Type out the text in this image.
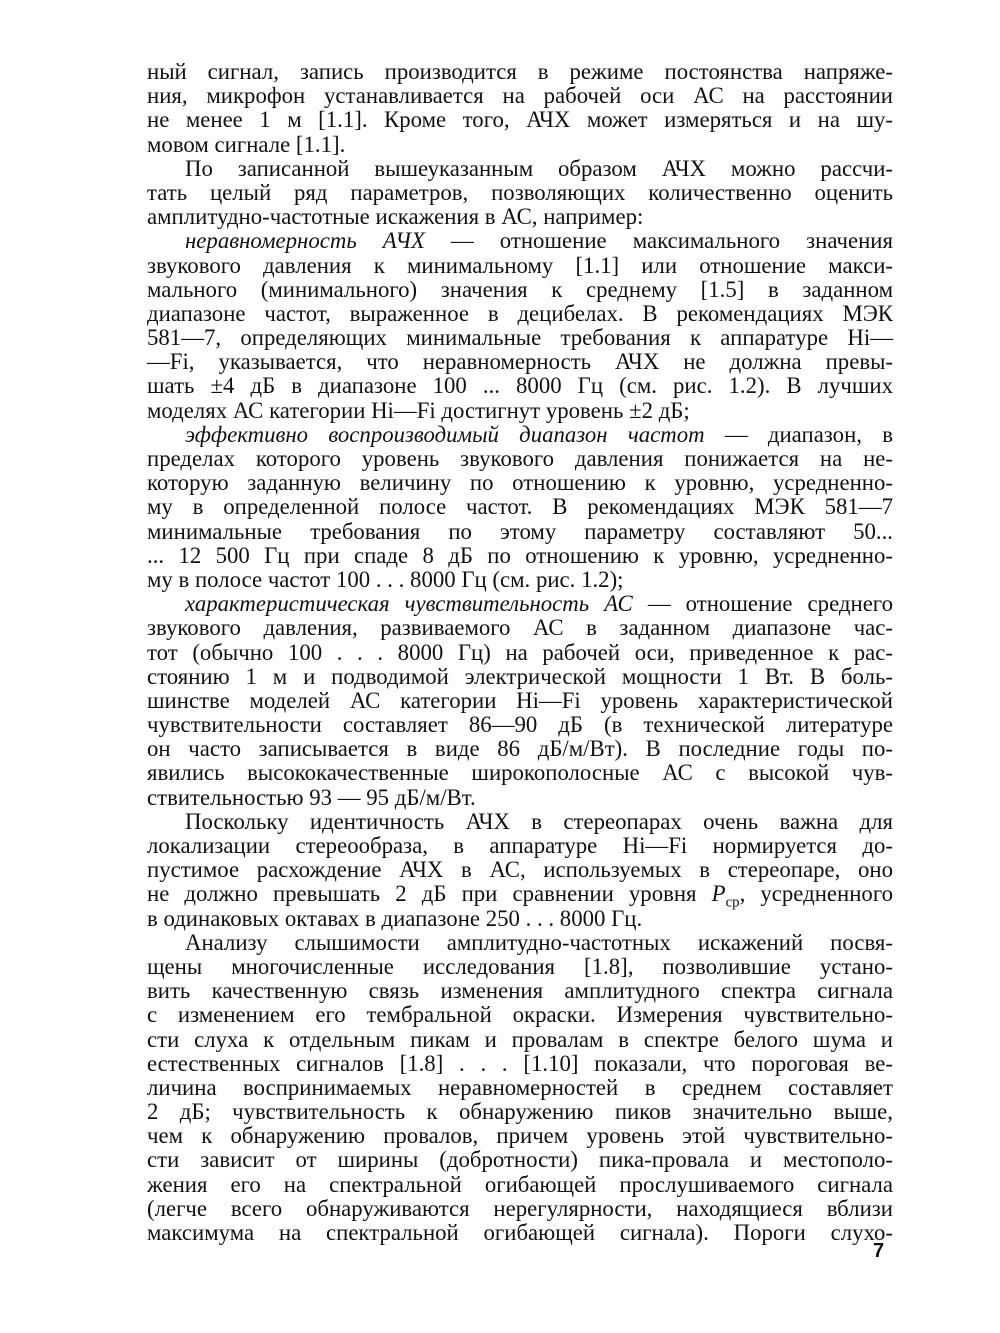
ный сигнал, запись производится в режиме постоянства напряже-
ния, микрофон устанавливается на рабочей оси АС на расстоянии
не менее 1 м [1.1]. Кроме того, АЧХ может измеряться и на шу-
мовом сигнале [1.1].
По записанной вышеуказанным образом АЧХ можно рассчи-
тать целый ряд параметров, позволяющих количественно оценить
амплитудно-частотные искажения в АС, например:
неравномерность АЧХ — отношение максимального значения
звукового давления к минимальному [1.1] или отношение макси-
мального (минимального) значения к среднему [1.5] в заданном
диапазоне частот, выраженное в децибелах. В рекомендациях МЭК
581—7, определяющих минимальные требования к аппаратуре Hi—
—Fi, указывается, что неравномерность АЧХ не должна превы-
шать ±4 дБ в диапазоне 100 ... 8000 Гц (см. рис. 1.2). В лучших
моделях АС категории Hi—Fi достигнут уровень ±2 дБ;
эффективно воспроизводимый диапазон частот — диапазон, в
пределах которого уровень звукового давления понижается на не-
которую заданную величину по отношению к уровню, усредненно-
му в определенной полосе частот. В рекомендациях МЭК 581—7
минимальные требования по этому параметру составляют 50...
... 12 500 Гц при спаде 8 дБ по отношению к уровню, усредненно-
му в полосе частот 100 . . . 8000 Гц (см. рис. 1.2);
характеристическая чувствительность АС — отношение среднего
звукового давления, развиваемого АС в заданном диапазоне час-
тот (обычно 100 . . . 8000 Гц) на рабочей оси, приведенное к рас-
стоянию 1 м и подводимой электрической мощности 1 Вт. В боль-
шинстве моделей АС категории Hi—Fi уровень характеристической
чувствительности составляет 86—90 дБ (в технической литературе
он часто записывается в виде 86 дБ/м/Вт). В последние годы по-
явились высококачественные широкополосные АС с высокой чув-
ствительностью 93 — 95 дБ/м/Вт.
Поскольку идентичность АЧХ в стереопарах очень важна для
локализации стереообраза, в аппаратуре Hi—Fi нормируется до-
пустимое расхождение АЧХ в АС, используемых в стереопаре, оно
не должно превышать 2 дБ при сравнении уровня $P_{ср}$, усредненного
в одинаковых октавах в диапазоне 250 . . . 8000 Гц.
Анализу слышимости амплитудно-частотных искажений посвя-
щены многочисленные исследования [1.8], позволившие устано-
вить качественную связь изменения амплитудного спектра сигнала
с изменением его тембральной окраски. Измерения чувствительно-
сти слуха к отдельным пикам и провалам в спектре белого шума и
естественных сигналов [1.8] . . . [1.10] показали, что пороговая ве-
личина воспринимаемых неравномерностей в среднем составляет
2 дБ; чувствительность к обнаружению пиков значительно выше,
чем к обнаружению провалов, причем уровень этой чувствительно-
сти зависит от ширины (добротности) пика-провала и местополо-
жения его на спектральной огибающей прослушиваемого сигнала
(легче всего обнаруживаются нерегулярности, находящиеся вблизи
максимума на спектральной огибающей сигнала). Пороги слухо-
7
